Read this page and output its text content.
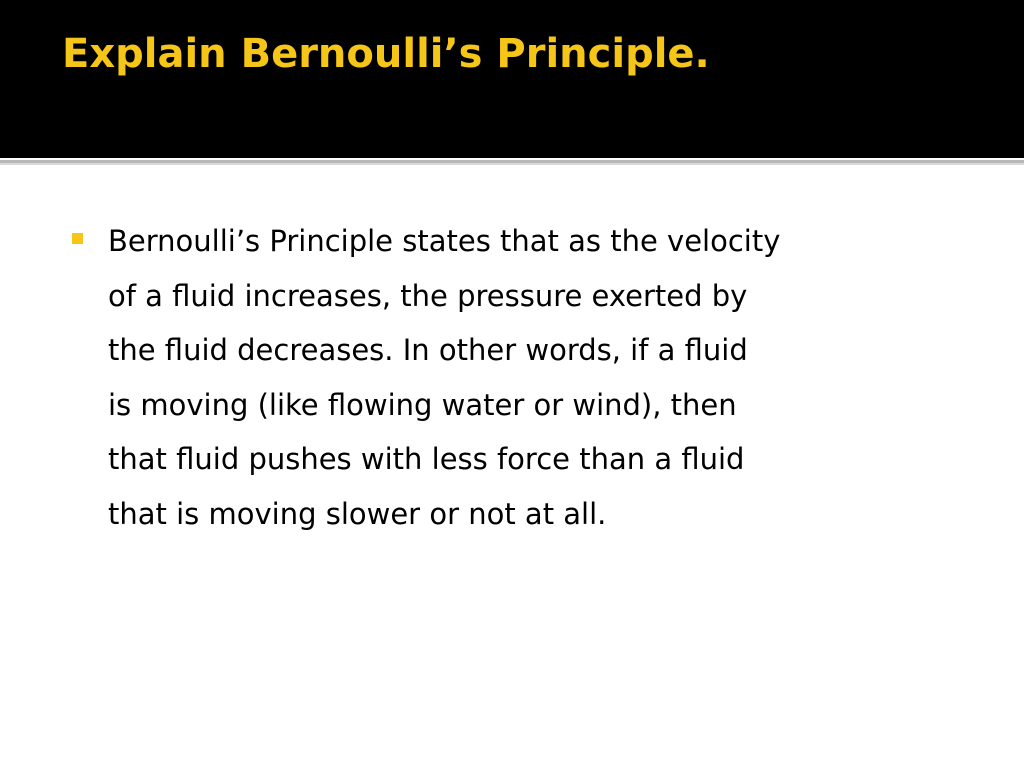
Explain Bernoulli’s Principle.

Bernoulli’s Principle states that as the velocity
of a fluid increases, the pressure exerted by
the fluid decreases. In other words, if a fluid
is moving (like flowing water or wind), then
that fluid pushes with less force than a fluid
that is moving slower or not at all.
